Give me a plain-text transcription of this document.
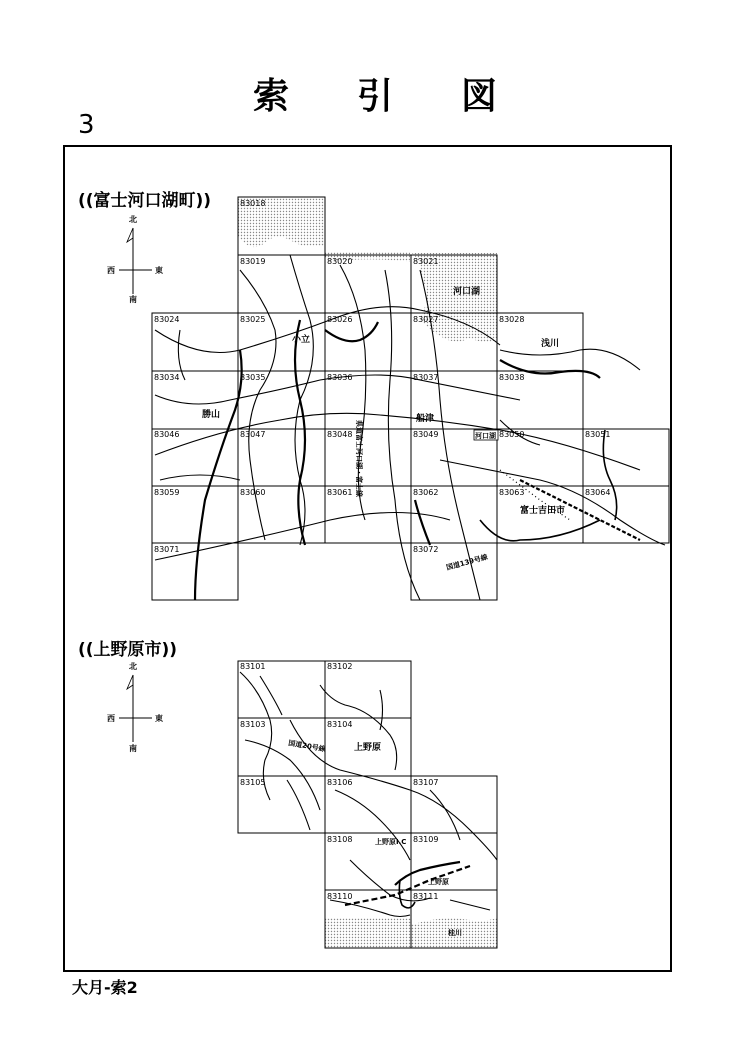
索 引 図
3
((富士河口湖町))
((上野原市))
83018
83019	83020	83021
83024	83025	83026	83027	83028
83034	83035	83036	83037	83038
83046	83047	83048	83049	83050	83051
83059	83060	83061	83062	83063	83064
83071	83072
河口湖
小立	浅川
勝山	船津
河口湖
富士吉田市
国道139号線
県道富士河口湖・富士線
北
南
東
西
83101	83102
83103	83104
83105	83106	83107
83108	83109
83110	83111
国道20号線	上野原
上野原I.C
上野原
桂川
北
南
東
西
大月-索2
